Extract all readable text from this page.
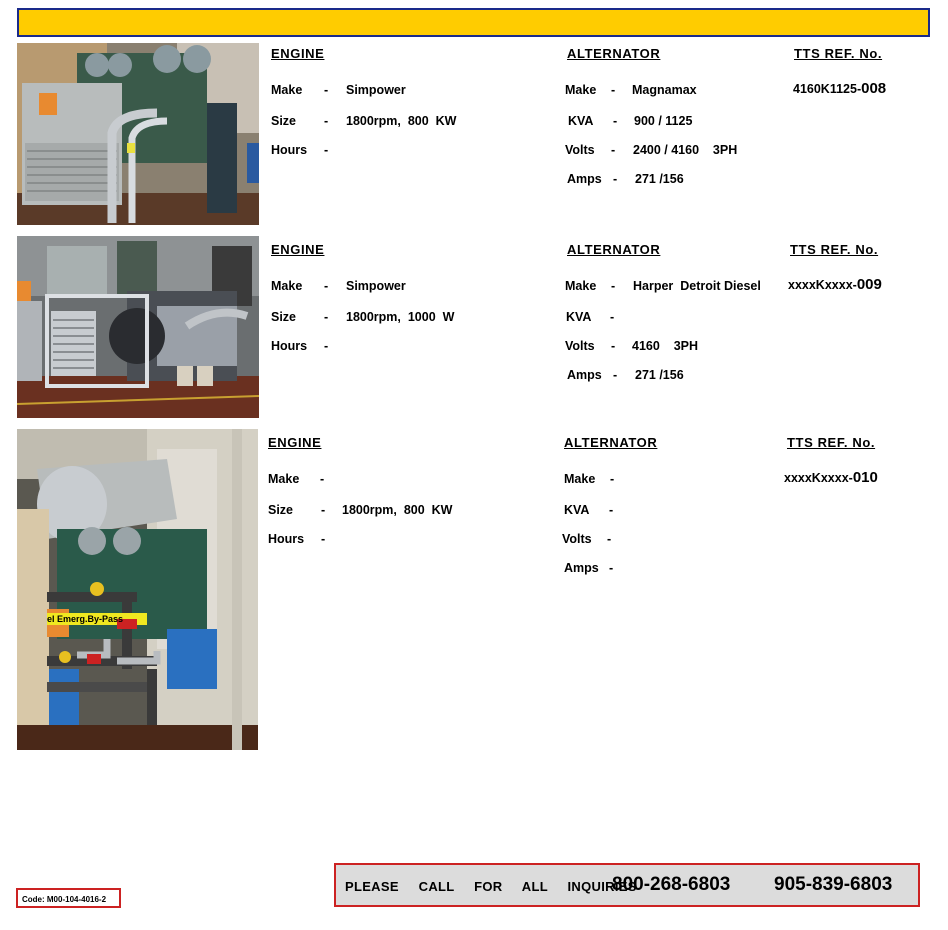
ENGINE
Make - Simpower
Size - 1800rpm,  800  KW
Hours -
ALTERNATOR
Make - Magnamax
KVA - 900 / 1125
Volts - 2400 / 4160    3PH
Amps - 271 /156
TTS REF. No.
4160K1125-008
ENGINE
Make - Simpower
Size - 1800rpm,  1000  W
Hours -
ALTERNATOR
Make - Harper  Detroit Diesel
KVA -
Volts - 4160    3PH
Amps - 271 /156
TTS REF. No.
xxxxKxxxx-009
el Emerg.By-Pass
ENGINE
Make -
Size - 1800rpm,  800  KW
Hours -
ALTERNATOR
Make -
KVA -
Volts -
Amps -
TTS REF. No.
xxxxKxxxx-010
PLEASE  CALL  FOR  ALL  INQUIRIES
800-268-6803 905-839-6803
Code: M00-104-4016-2
